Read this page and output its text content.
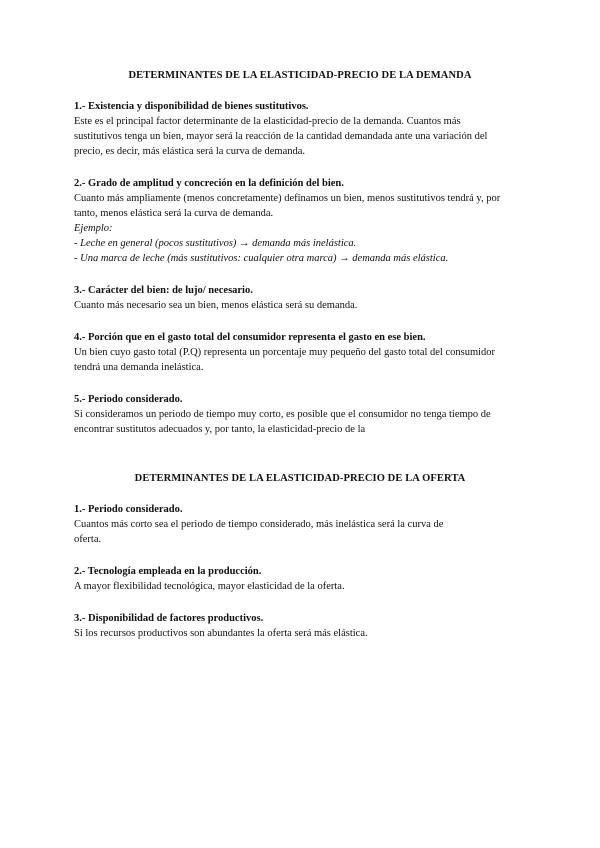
DETERMINANTES DE LA ELASTICIDAD-PRECIO DE LA DEMANDA
1.- Existencia y disponibilidad de bienes sustitutivos.
Este es el principal factor determinante de la elasticidad-precio de la demanda. Cuantos más
sustitutivos tenga un bien, mayor será la reacción de la cantidad demandada ante una variación del
precio, es decir, más elástica será la curva de demanda.
2.- Grado de amplitud y concreción en la definición del bien.
Cuanto más ampliamente (menos concretamente) definamos un bien, menos sustitutivos tendrá y, por
tanto, menos elástica será la curva de demanda.
Ejemplo:
- Leche en general (pocos sustitutivos) → demanda más inelástica.
- Una marca de leche (más sustitutivos: cualquier otra marca) → demanda más elástica.
3.- Carácter del bien: de lujo/ necesario.
Cuanto más necesario sea un bien, menos elástica será su demanda.
4.- Porción que en el gasto total del consumidor representa el gasto en ese bien.
Un bien cuyo gasto total (P.Q) representa un porcentaje muy pequeño del gasto total del consumidor
tendrá una demanda inelástica.
5.- Periodo considerado.
Si consideramos un periodo de tiempo muy corto, es posible que el consumidor no tenga tiempo de
encontrar sustitutos adecuados y, por tanto, la elasticidad-precio de la
DETERMINANTES DE LA ELASTICIDAD-PRECIO DE LA OFERTA
1.- Periodo considerado.
Cuantos más corto sea el periodo de tiempo considerado, más inelástica será la curva de
oferta.
2.- Tecnología empleada en la producción.
A mayor flexibilidad tecnológica, mayor elasticidad de la oferta.
3.- Disponibilidad de factores productivos.
Si los recursos productivos son abundantes la oferta será más elástica.
